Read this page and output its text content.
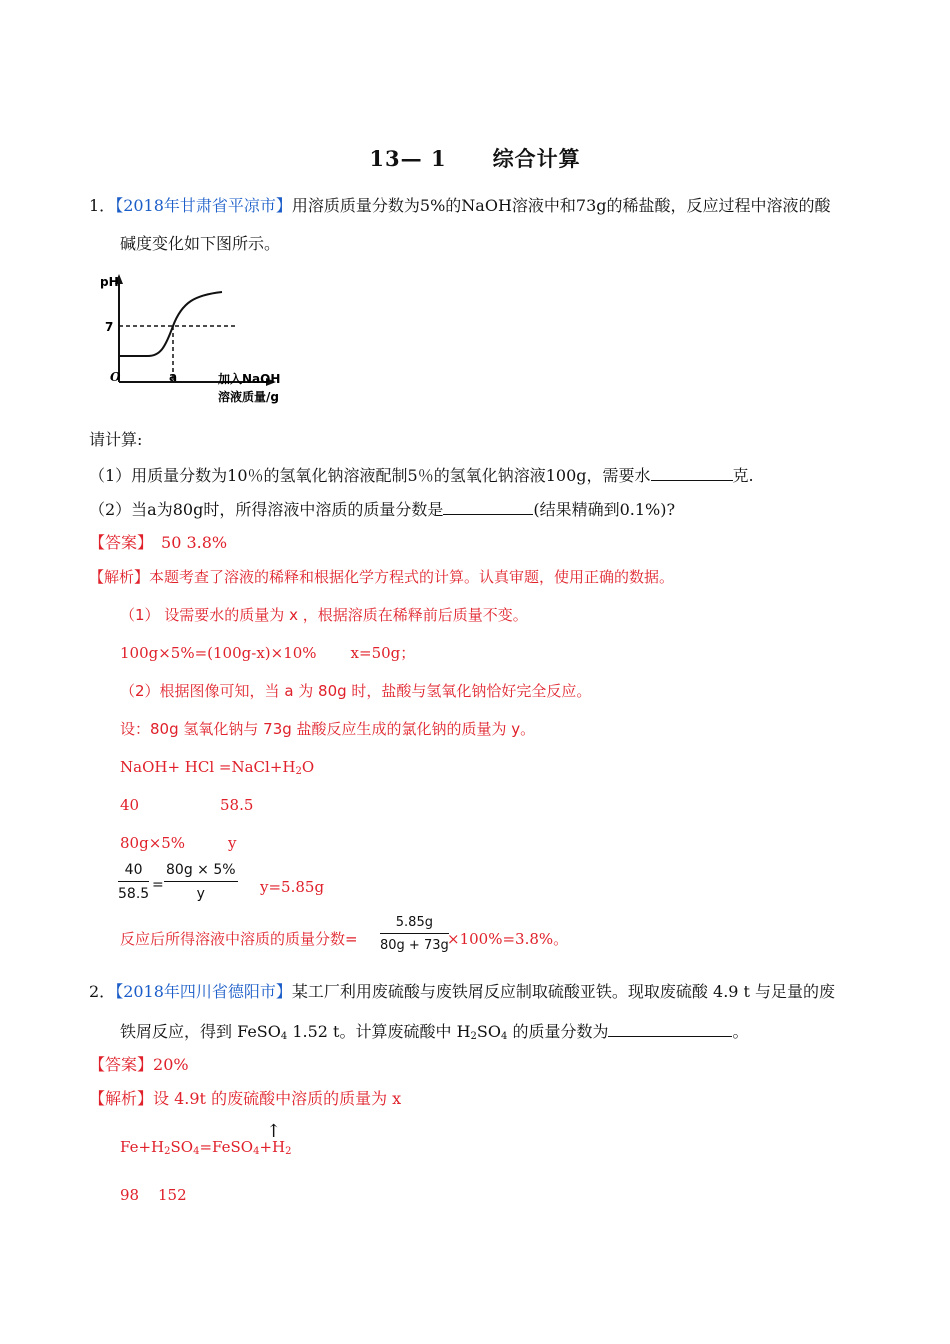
13— 1 综合计算
1．【2018年甘肃省平凉市】用溶质质量分数为5%的NaOH溶液中和73g的稀盐酸，反应过程中溶液的酸
碱度变化如下图所示。
pH
7
O	a	加入NaOH
溶液质量/g
请计算:
（1）用质量分数为10％的氢氧化钠溶液配制5％的氢氧化钠溶液100g，需要水	克.
（2）当a为80g时，所得溶液中溶质的质量分数是	(结果精确到0.1%)?
【答案】 50 3.8%
【解析】本题考查了溶液的稀释和根据化学方程式的计算。认真审题，使用正确的数据。
（1） 设需要水的质量为 x ，根据溶质在稀释前后质量不变。
100g×5%=(100g-x)×10% x=50g；
（2）根据图像可知，当 a 为 80g 时，盐酸与氢氧化钠恰好完全反应。
设：80g 氢氧化钠与 73g 盐酸反应生成的氯化钠的质量为 y。
NaOH+ HCl $=NaCl+H_2O$
40	58.5
80g×5%	y
$\frac{40}{58.5} = \frac{80g \times 5\%}{y} y=5.85g$
反应后所得溶液中溶质的质量分数= $\frac{5.85g}{80g + 73g}$
×100%=3.8%。
2．【2018年四川省德阳市】某工厂利用废硫酸与废铁屑反应制取硫酸亚铁。现取废硫酸 4.9 t 与足量的废
铁屑反应，得到 FeSO$_4$ 1.52 t。计算废硫酸中 $H_2SO_4$ 的质量分数为	。
【答案】20%
【解析】设 4.9t 的废硫酸中溶质的质量为 x
$Fe+H_2SO_4=FeSO_4+H_2$
↑
98 152
